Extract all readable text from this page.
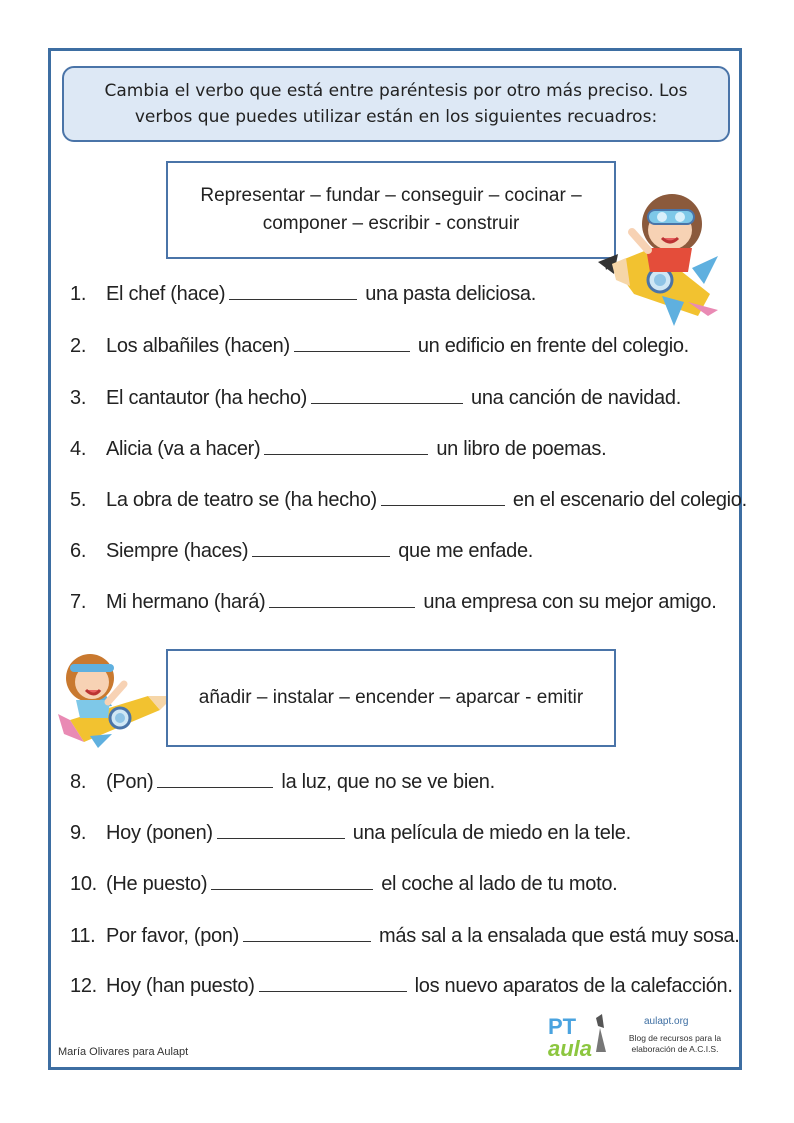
Cambia el verbo que está entre paréntesis por otro más preciso. Los verbos que puedes utilizar están en los siguientes recuadros:
Representar – fundar – conseguir – cocinar –
componer – escribir - construir
1. El chef (hace)	una pasta deliciosa.
2. Los albañiles (hacen)	un edificio en frente del colegio.
3. El cantautor (ha hecho)	una canción de navidad.
4. Alicia (va a hacer)	un libro de poemas.
5. La obra de teatro se (ha hecho)	en el escenario del colegio.
6. Siempre (haces)	que me enfade.
7. Mi hermano (hará)	una empresa con su mejor amigo.
añadir – instalar – encender – aparcar - emitir
8. (Pon)	la luz, que no se ve bien.
9. Hoy (ponen)	una película de miedo en la tele.
10. (He puesto)	el coche al lado de tu moto.
11. Por favor, (pon)	más sal a la ensalada que está muy sosa.
12. Hoy (han puesto)	los nuevo aparatos de la calefacción.
María Olivares para Aulapt
PT
aula
aulapt.org
Blog de recursos para la elaboración de A.C.I.S.
